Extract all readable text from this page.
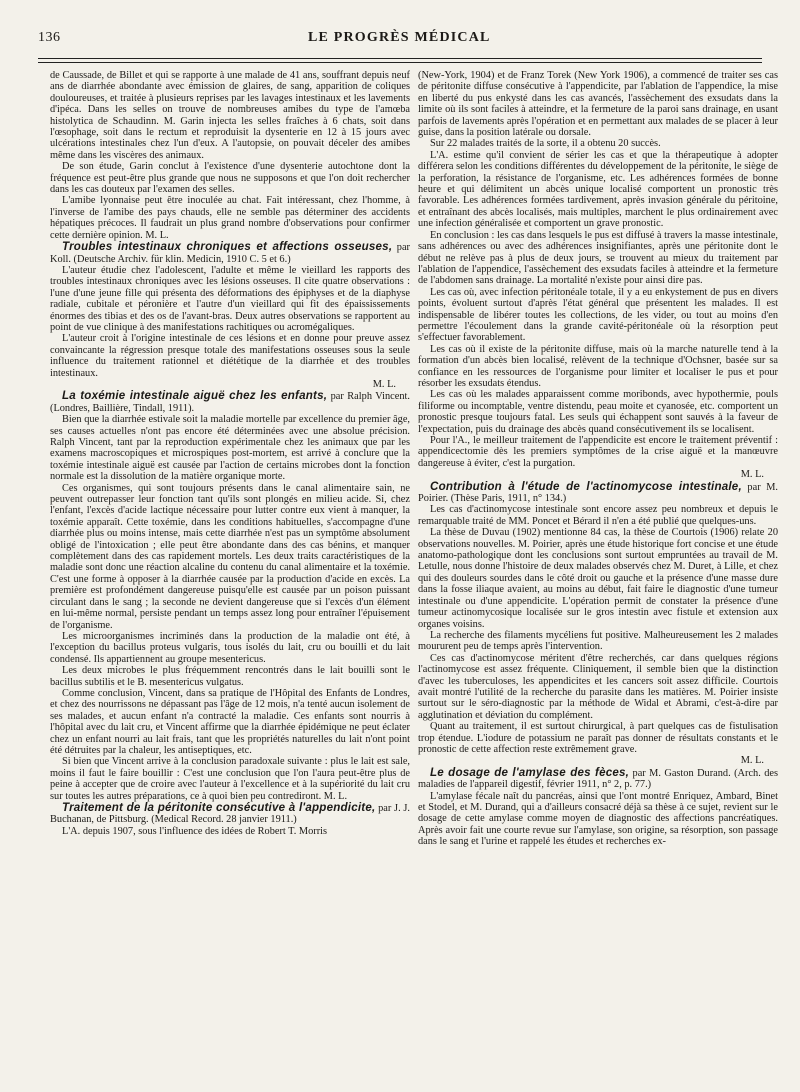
136	LE PROGRÈS MÉDICAL

de Caussade, de Billet et qui se rapporte à une malade de 41 ans, souffrant depuis neuf ans de diarrhée abondante avec émission de glaires, de sang, apparition de coliques douloureuses, et traitée à plusieurs reprises par les lavages intestinaux et les lavements d'ipéca. Dans les selles on trouve de nombreuses amibes du type de l'amœba histolytica de Schaudinn. M. Garin injecta les selles fraîches à 6 chats, soit dans l'œsophage, soit dans le rectum et reproduisit la dysenterie en 12 à 15 jours avec ulcérations intestinales chez l'un d'eux. A l'autopsie, on pouvait déceler des amibes même dans les viscères des animaux.

De son étude, Garin conclut à l'existence d'une dysenterie autochtone dont la fréquence est peut-être plus grande que nous ne supposons et que l'on doit rechercher dans les cas douteux par l'examen des selles.

L'amibe lyonnaise peut être inoculée au chat. Fait intéressant, chez l'homme, à l'inverse de l'amibe des pays chauds, elle ne semble pas déterminer des accidents hépatiques précoces. Il faudrait un plus grand nombre d'observations pour confirmer cette dernière opinion. M. L.

Troubles intestinaux chroniques et affections osseuses, par Koll. (Deutsche Archiv. für klin. Medicin, 1910 C. 5 et 6.)

L'auteur étudie chez l'adolescent, l'adulte et même le vieillard les rapports des troubles intestinaux chroniques avec les lésions osseuses. Il cite quatre observations : l'une d'une jeune fille qui présenta des déformations des épiphyses et de la diaphyse radiale, cubitale et péronière et l'autre d'un vieillard qui fit des épaississements énormes des tibias et des os de l'avant-bras. Deux autres observations se rapportent au point de vue clinique à des manifestations rachitiques ou acromégaliques.

L'auteur croit à l'origine intestinale de ces lésions et en donne pour preuve assez convaincante la régression presque totale des manifestations osseuses sous la seule influence du traitement rationnel et diététique de la diarrhée et des troubles intestinaux.

M. L.

La toxémie intestinale aiguë chez les enfants, par Ralph Vincent. (Londres, Baillière, Tindall, 1911).

Bien que la diarrhée estivale soit la maladie mortelle par excellence du premier âge, ses causes actuelles n'ont pas encore été déterminées avec une absolue précision. Ralph Vincent, tant par la reproduction expérimentale chez les animaux que par les examens macroscopiques et microspiques post-mortem, est arrivé à conclure que la toxémie intestinale aiguë est causée par l'action de certains microbes dont la fonction normale est la dissolution de la matière organique morte.

Ces organismes, qui sont toujours présents dans le canal alimentaire sain, ne peuvent outrepasser leur fonction tant qu'ils sont plongés en milieu acide. Si, chez l'enfant, l'excès d'acide lactique nécessaire pour lutter contre eux vient à manquer, la toxémie apparaît. Cette toxémie, dans les conditions habituelles, s'accompagne d'une diarrhée plus ou moins intense, mais cette diarrhée n'est pas un symptôme absolument obligé de l'intoxication ; elle peut être abondante dans des cas bénins, et manquer complètement dans des cas rapidement mortels. Les deux traits caractéristiques de la maladie sont donc une réaction alcaline du contenu du canal alimentaire et la toxémie. C'est une forme à opposer à la diarrhée causée par la production d'acide en excès. La première est profondément dangereuse puisqu'elle est causée par un poison puissant circulant dans le sang ; la seconde ne devient dangereuse que si l'excès d'un élément en lui-même normal, persiste pendant un temps assez long pour entraîner l'épuisement de l'organisme.

Les microorganismes incriminés dans la production de la maladie ont été, à l'exception du bacillus proteus vulgaris, tous isolés du lait, cru ou bouilli et du lait condensé. Ils appartiennent au groupe mesentericus.

Les deux microbes le plus fréquemment rencontrés dans le lait bouilli sont le bacillus subtilis et le B. mesentericus vulgatus.

Comme conclusion, Vincent, dans sa pratique de l'Hôpital des Enfants de Londres, et chez des nourrissons ne dépassant pas l'âge de 12 mois, n'a tenté aucun isolement de ses malades, et aucun enfant n'a contracté la maladie. Ces enfants sont nourris à l'hôpital avec du lait cru, et Vincent affirme que la diarrhée épidémique ne peut éclater chez un enfant nourri au lait frais, tant que les propriétés naturelles du lait n'ont point été détruites par la chaleur, les antiseptiques, etc.

Si bien que Vincent arrive à la conclusion paradoxale suivante : plus le lait est sale, moins il faut le faire bouillir : C'est une conclusion que l'on l'aura peut-être plus de peine à accepter que de croire avec l'auteur à l'excellence et à la supériorité du lait cru sur toutes les autres préparations, ce à quoi bien peu contrediront. M. L.

Traitement de la péritonite consécutive à l'appendicite, par J. J. Buchanan, de Pittsburg. (Medical Record. 28 janvier 1911.)

L'A. depuis 1907, sous l'influence des idées de Robert T. Morris

(New-York, 1904) et de Franz Torek (New York 1906), a commencé de traiter ses cas de péritonite diffuse consécutive à l'appendicite, par l'ablation de l'appendice, la mise en liberté du pus enkysté dans les cas avancés, l'assèchement des exsudats dans la limite où ils sont faciles à atteindre, et la fermeture de la paroi sans drainage, en usant parfois de lavements après l'opération et en permettant aux malades de se placer à leur guise, dans la position latérale ou dorsale.

Sur 22 malades traités de la sorte, il a obtenu 20 succès.

L'A. estime qu'il convient de sérier les cas et que la thérapeutique à adopter différera selon les conditions différentes du développement de la péritonite, le siège de la perforation, la résistance de l'organisme, etc. Les adhérences formées de bonne heure et qui délimitent un abcès unique localisé comportent un pronostic très favorable. Les adhérences formées tardivement, après invasion générale du péritoine, et entraînant des abcès localisés, mais multiples, marchent le plus ordinairement avec une infection généralisée et comportent un grave pronostic.

En conclusion : les cas dans lesquels le pus est diffusé à travers la masse intestinale, sans adhérences ou avec des adhérences insignifiantes, après une péritonite dont le début ne relève pas à plus de deux jours, se trouvent au mieux du traitement par l'ablation de l'appendice, l'assèchement des exsudats faciles à atteindre et la fermeture de l'abdomen sans drainage. La mortalité n'existe pour ainsi dire pas.

Les cas où, avec infection péritonéale totale, il y a eu enkystement de pus en divers points, évoluent surtout d'après l'état général que présentent les malades. Il est indispensable de libérer toutes les collections, de les vider, ou tout au moins d'en permettre l'écoulement dans la grande cavité-péritonéale où la résorption peut s'effectuer favorablement.

Les cas où il existe de la péritonite diffuse, mais où la marche naturelle tend à la formation d'un abcès bien localisé, relèvent de la technique d'Ochsner, basée sur sa confiance en les ressources de l'organisme pour limiter et localiser le pus et pour résorber les exsudats étendus.

Les cas où les malades apparaissent comme moribonds, avec hypothermie, pouls filiforme ou incomptable, ventre distendu, peau moite et cyanosée, etc. comportent un pronostic presque toujours fatal. Les seuls qui échappent sont sauvés à la faveur de l'expectation, puis du drainage des abcès quand consécutivement ils se localisent.

Pour l'A., le meilleur traitement de l'appendicite est encore le traitement préventif : appendicectomie dès les premiers symptômes de la crise aiguë et la manœuvre dangereuse à éviter, c'est la purgation.

M. L.

Contribution à l'étude de l'actinomycose intestinale, par M. Poirier. (Thèse Paris, 1911, n° 134.)

Les cas d'actinomycose intestinale sont encore assez peu nombreux et depuis le remarquable traité de MM. Poncet et Bérard il n'en a été publié que quelques-uns.

La thèse de Duvau (1902) mentionne 84 cas, la thèse de Courtois (1906) relate 20 observations nouvelles. M. Poirier, après une étude historique fort concise et une étude anatomo-pathologique dont les conclusions sont surtout empruntées au travail de M. Letulle, nous donne l'histoire de deux malades observés chez M. Duret, à Lille, et chez qui des douleurs sourdes dans le côté droit ou gauche et la présence d'une masse dure dans la fosse iliaque avaient, au moins au début, fait faire le diagnostic d'une tumeur intestinale ou d'une appendicite. L'opération permit de constater la présence d'une tumeur actinomycosique localisée sur le gros intestin avec fistule et extension aux organes voisins.

La recherche des filaments mycéliens fut positive. Malheureusement les 2 malades moururent peu de temps après l'intervention.

Ces cas d'actinomycose méritent d'être recherchés, car dans quelques régions l'actinomycose est assez fréquente. Cliniquement, il semble bien que la distinction d'avec les tuberculoses, les appendicites et les cancers soit assez difficile. Courtois avait montré l'utilité de la recherche du parasite dans les matières. M. Poirier insiste surtout sur le séro-diagnostic par la méthode de Widal et Abrami, c'est-à-dire par agglutination et déviation du complément.

Quant au traitement, il est surtout chirurgical, à part quelques cas de fistulisation trop étendue. L'iodure de potassium ne paraît pas donner de résultats constants et le pronostic de cette affection reste extrêmement grave.

M. L.

Le dosage de l'amylase des fèces, par M. Gaston Durand. (Arch. des maladies de l'appareil digestif, février 1911, n° 2, p. 77.)

L'amylase fécale naît du pancréas, ainsi que l'ont montré Enriquez, Ambard, Binet et Stodel, et M. Durand, qui a d'ailleurs consacré déjà sa thèse à ce sujet, revient sur le dosage de cette amylase comme moyen de diagnostic des affections pancréatiques. Après avoir fait une courte revue sur l'amylase, son origine, sa résorption, son passage dans le sang et l'urine et rappelé les études et recherches ex-
